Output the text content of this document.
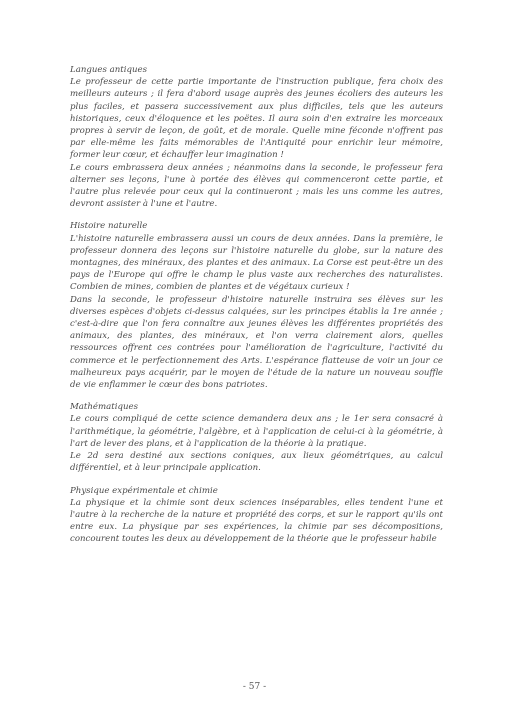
Langues antiques

Le professeur de cette partie importante de l'instruction publique, fera choix des meilleurs auteurs ; il fera d'abord usage auprès des jeunes écoliers des auteurs les plus faciles, et passera successivement aux plus difficiles, tels que les auteurs historiques, ceux d'éloquence et les poëtes. Il aura soin d'en extraire les morceaux propres à servir de leçon, de goût, et de morale. Quelle mine féconde n'offrent pas par elle-même les faits mémorables de l'Antiquité pour enrichir leur mémoire, former leur cœur, et échauffer leur imagination !

Le cours embrassera deux années ; néanmoins dans la seconde, le professeur fera alterner ses leçons, l'une à portée des élèves qui commenceront cette partie, et l'autre plus relevée pour ceux qui la continueront ; mais les uns comme les autres, devront assister à l'une et l'autre.

Histoire naturelle

L'histoire naturelle embrassera aussi un cours de deux années. Dans la première, le professeur donnera des leçons sur l'histoire naturelle du globe, sur la nature des montagnes, des minéraux, des plantes et des animaux. La Corse est peut-être un des pays de l'Europe qui offre le champ le plus vaste aux recherches des naturalistes. Combien de mines, combien de plantes et de végétaux curieux !

Dans la seconde, le professeur d'histoire naturelle instruira ses élèves sur les diverses espèces d'objets ci-dessus calquées, sur les principes établis la 1re année ; c'est-à-dire que l'on fera connaître aux jeunes élèves les différentes propriétés des animaux, des plantes, des minéraux, et l'on verra clairement alors, quelles ressources offrent ces contrées pour l'amélioration de l'agriculture, l'activité du commerce et le perfectionnement des Arts. L'espérance flatteuse de voir un jour ce malheureux pays acquérir, par le moyen de l'étude de la nature un nouveau souffle de vie enflammer le cœur des bons patriotes.

Mathématiques

Le cours compliqué de cette science demandera deux ans ; le 1er sera consacré à l'arithmétique, la géométrie, l'algèbre, et à l'application de celui-ci à la géométrie, à l'art de lever des plans, et à l'application de la théorie à la pratique.

Le 2d sera destiné aux sections coniques, aux lieux géométriques, au calcul différentiel, et à leur principale application.

Physique expérimentale et chimie

La physique et la chimie sont deux sciences inséparables, elles tendent l'une et l'autre à la recherche de la nature et propriété des corps, et sur le rapport qu'ils ont entre eux. La physique par ses expériences, la chimie par ses décompositions, concourent toutes les deux au développement de la théorie que le professeur habile

- 57 -
